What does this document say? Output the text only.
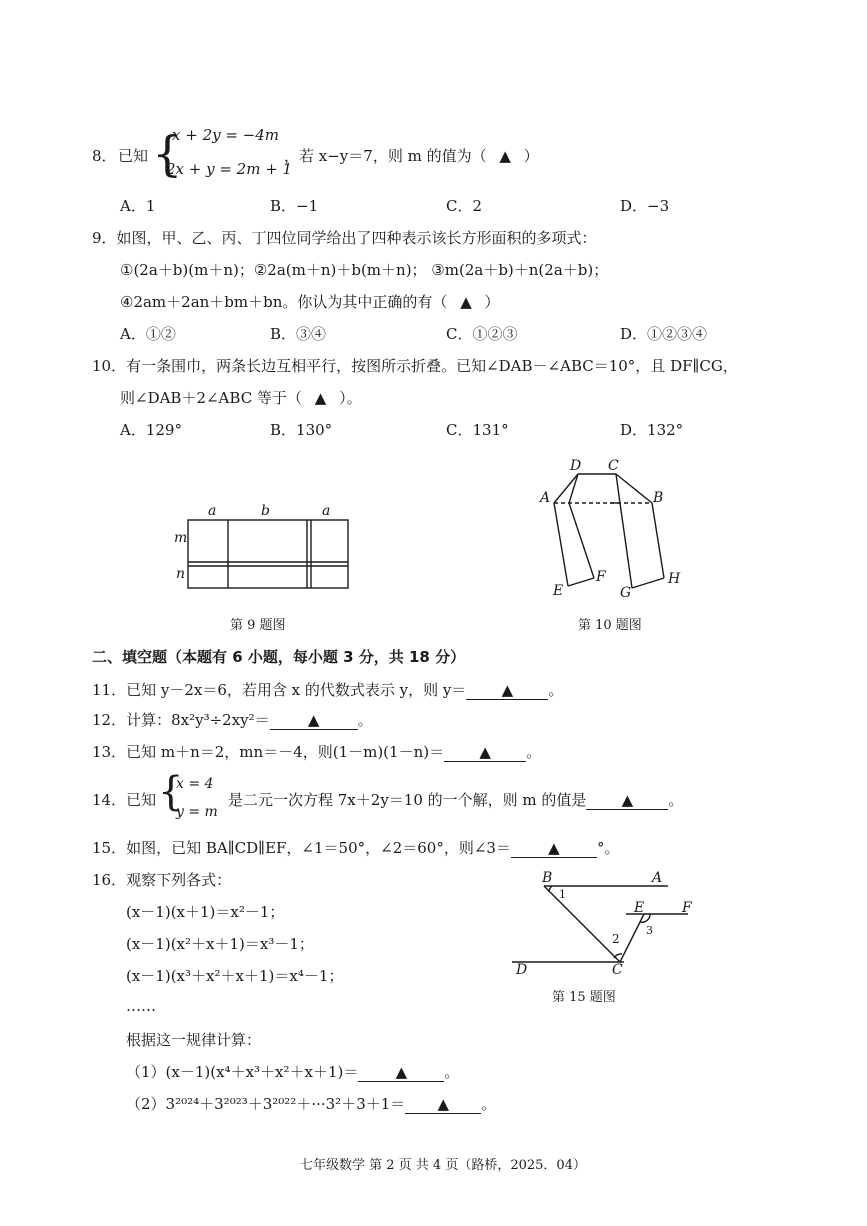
8． 已知 {
x + 2y = −4m
2x + y = 2m + 1
，若 x−y＝7，则 m 的值为（ ▲ ）
A．1	B．−1	C．2	D．−3
9．如图，甲、乙、丙、丁四位同学给出了四种表示该长方形面积的多项式：
①(2a＋b)(m＋n)；②2a(m＋n)＋b(m＋n)； ③m(2a＋b)＋n(2a＋b)；
④2am＋2an＋bm＋bn。你认为其中正确的有（ ▲ ）
A．①②	B．③④	C．①②③	D．①②③④
10．有一条围巾，两条长边互相平行，按图所示折叠。已知∠DAB－∠ABC＝10°，且 DF∥CG，
则∠DAB＋2∠ABC 等于（ ▲ ）。
A．129°	B．130°	C．131°	D．132°
a	b	a
m
n
第 9 题图
D C
A	B
E
F
G
H
第 10 题图
二、填空题（本题有 6 小题，每小题 3 分，共 18 分）
11．已知 y－2x＝6，若用含 x 的代数式表示 y，则 y＝ ▲ 。
12．计算：8x²y³÷2xy²＝	▲	。
13．已知 m＋n＝2，mn＝－4，则(1－m)(1－n)＝ ▲ 。
14．已知 {
x = 4
y = m
是二元一次方程 7x＋2y＝10 的一个解，则 m 的值是 ▲ 。
15．如图，已知 BA∥CD∥EF，∠1＝50°，∠2＝60°，则∠3＝ ▲ °。
16．观察下列各式：
(x－1)(x＋1)＝x²－1；
(x－1)(x²＋x＋1)＝x³－1；
(x－1)(x³＋x²＋x＋1)＝x⁴－1；
……
根据这一规律计算：
（1）(x－1)(x⁴＋x³＋x²＋x＋1)＝ ▲ 。
（2）3²⁰²⁴＋3²⁰²³＋3²⁰²²＋···3²＋3＋1＝ ▲ 。
B	A
1
E	F
3
2
D	C
第 15 题图
七年级数学 第 2 页 共 4 页（路桥，2025．04）
